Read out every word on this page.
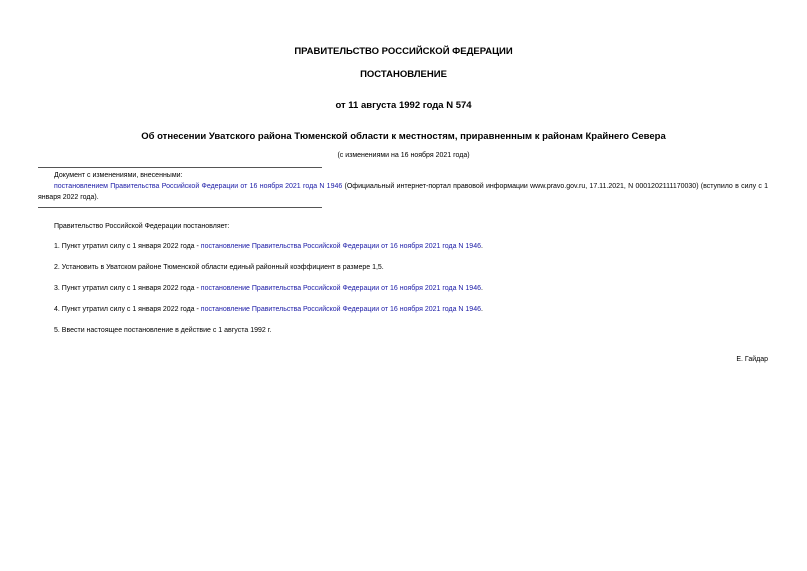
ПРАВИТЕЛЬСТВО РОССИЙСКОЙ ФЕДЕРАЦИИ
ПОСТАНОВЛЕНИЕ
от 11 августа 1992 года N 574
Об отнесении Уватского района Тюменской области к местностям, приравненным к районам Крайнего Севера
(с изменениями на 16 ноября 2021 года)
Документ с изменениями, внесенными:
постановлением Правительства Российской Федерации от 16 ноября 2021 года N 1946 (Официальный интернет-портал правовой информации www.pravo.gov.ru, 17.11.2021, N 0001202111170030) (вступило в силу с 1 января 2022 года).
Правительство Российской Федерации постановляет:
1. Пункт утратил силу с 1 января 2022 года - постановление Правительства Российской Федерации от 16 ноября 2021 года N 1946.
2. Установить в Уватском районе Тюменской области единый районный коэффициент в размере 1,5.
3. Пункт утратил силу с 1 января 2022 года - постановление Правительства Российской Федерации от 16 ноября 2021 года N 1946.
4. Пункт утратил силу с 1 января 2022 года - постановление Правительства Российской Федерации от 16 ноября 2021 года N 1946.
5. Ввести настоящее постановление в действие с 1 августа 1992 г.
Е. Гайдар
